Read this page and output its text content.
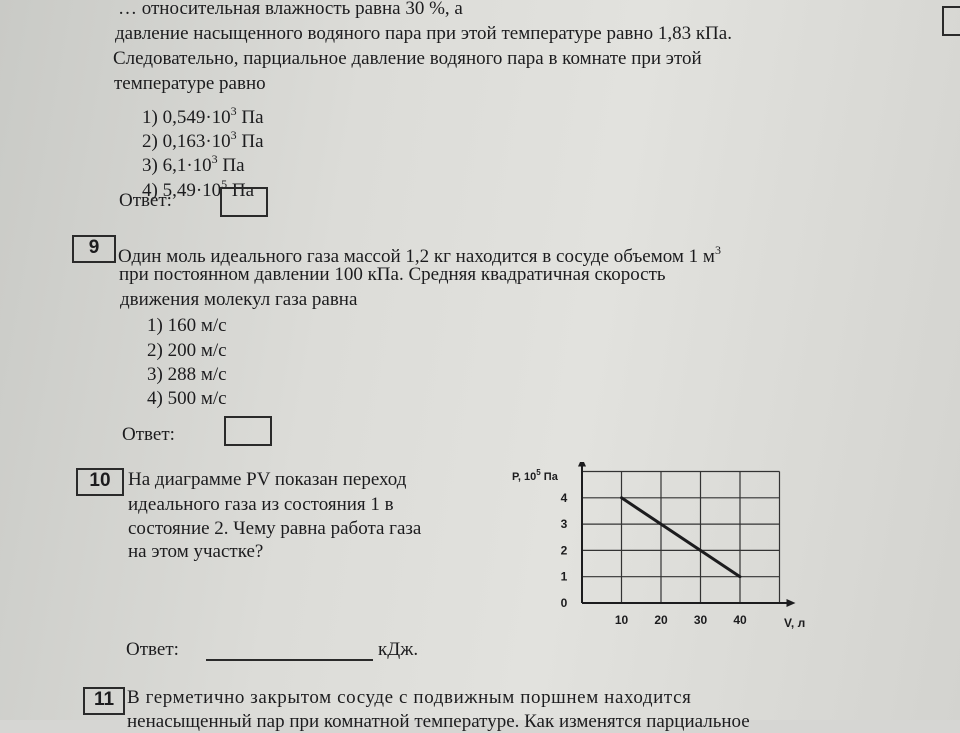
… относительная влажность равна 30 %, а
давление насыщенного водяного пара при этой температуре равно 1,83 кПа.
Следовательно, парциальное давление водяного пара в комнате при этой
температуре равно
1) $0,549\cdot 10^3$ Па
2) $0,163\cdot 10^3$ Па
3) $6,1\cdot 10^3$ Па
4) $5,49\cdot 10^5$ Па
Ответ:
9 Один моль идеального газа массой 1,2 кг находится в сосуде объемом 1 $м^3$
при постоянном давлении 100 кПа. Средняя квадратичная скорость
движения молекул газа равна
1) 160 м/с
2) 200 м/с
3) 288 м/с
4) 500 м/с
Ответ:
10 На диаграмме PV показан переход
идеального газа из состояния 1 в
состояние 2. Чему равна работа газа
на этом участке?
Ответ:	кДж.
10 20 30 40
0
1
2
3
4
P, $10^5$ Па
V, л
11 В герметично закрытом сосуде с подвижным поршнем находится
ненасыщенный пар при комнатной температуре. Как изменятся парциальное
